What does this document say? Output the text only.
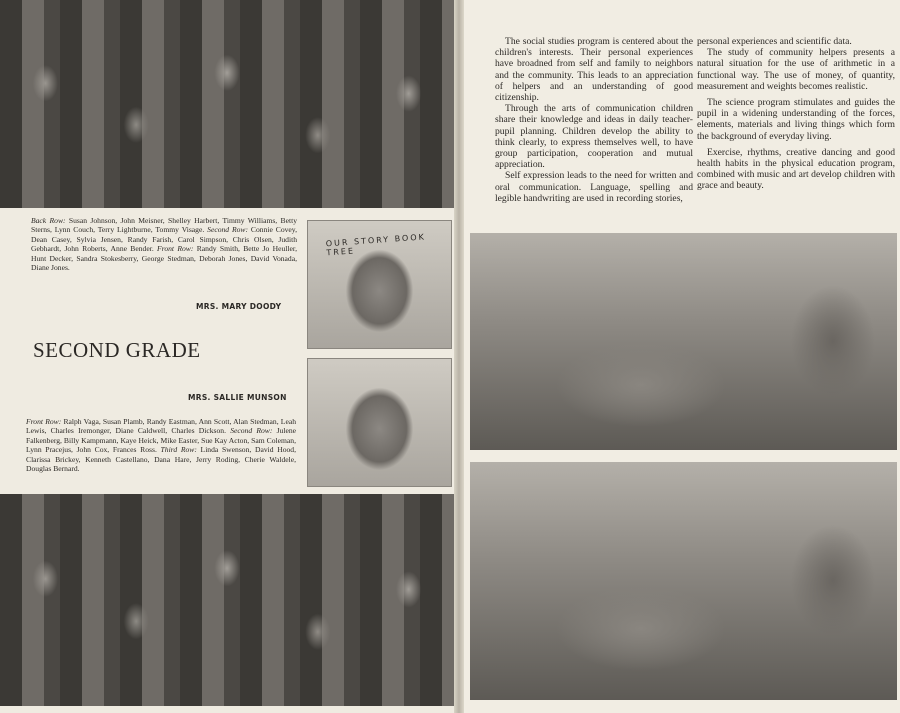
Back Row: Susan Johnson, John Meisner, Shelley Harbert, Timmy Williams, Betty Sterns, Lynn Couch, Terry Lightburne, Tommy Visage. Second Row: Connie Covey, Dean Casey, Sylvia Jensen, Randy Farish, Carol Simpson, Chris Olsen, Judith Gebhardt, John Roberts, Anne Bender. Front Row: Randy Smith, Bette Jo Heuller, Hunt Decker, Sandra Stokesberry, George Stedman, Deborah Jones, David Vonada, Diane Jones.
OUR STORY BOOK TREE
MRS. MARY DOODY
SECOND GRADE
MRS. SALLIE MUNSON
Front Row: Ralph Vaga, Susan Plamb, Randy Eastman, Ann Scott, Alan Stedman, Leah Lewis, Charles Iremonger, Diane Caldwell, Charles Dickson. Second Row: Julene Falkenberg, Billy Kampmann, Kaye Heick, Mike Easter, Sue Kay Acton, Sam Coleman, Lynn Pracejus, John Cox, Frances Ross. Third Row: Linda Swenson, David Hood, Clarissa Brickey, Kenneth Castellano, Dana Hare, Jerry Roding, Cherie Waldele, Douglas Bernard.

The social studies program is centered about the children's interests. Their personal experiences have broadned from self and family to neighbors and the community. This leads to an appreciation of helpers and an understanding of good citizenship.

Through the arts of communication children share their knowledge and ideas in daily teacher-pupil planning. Children develop the ability to think clearly, to express themselves well, to have group participation, cooperation and mutual appreciation.

Self expression leads to the need for written and oral communication. Language, spelling and legible handwriting are used in recording stories,

personal experiences and scientific data.

The study of community helpers presents a natural situation for the use of arithmetic in a functional way. The use of money, of quantity, measurement and weights becomes realistic.

The science program stimulates and guides the pupil in a widening understanding of the forces, elements, materials and living things which form the background of everyday living.

Exercise, rhythms, creative dancing and good health habits in the physical education program, combined with music and art develop children with grace and beauty.
